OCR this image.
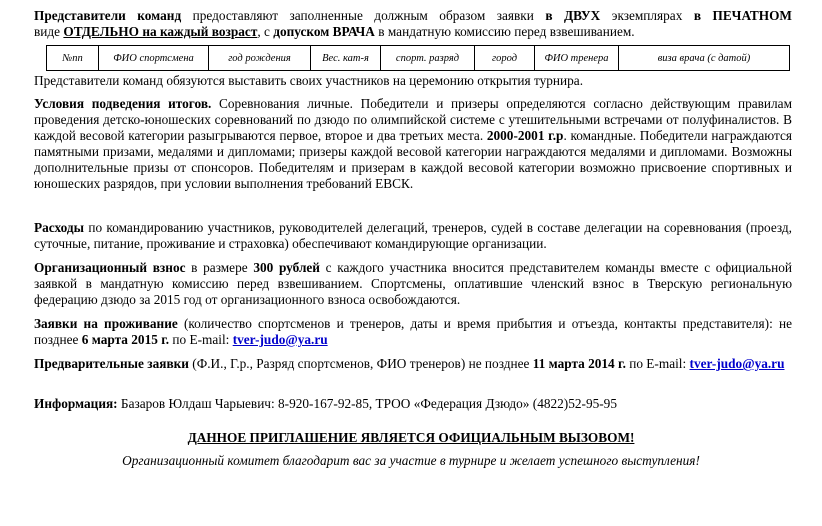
Представители команд предоставляют заполненные должным образом заявки в ДВУХ экземплярах в ПЕЧАТНОМ

виде ОТДЕЛЬНО на каждый возраст, с допуском ВРАЧА в мандатную комиссию перед взвешиванием.

№пп	ФИО спортсмена	год рождения	Вес. кат-я	спорт. разряд	город	ФИО тренера	виза врача (с датой)

Представители команд обязуются выставить своих участников на церемонию открытия турнира.

Условия подведения итогов. Соревнования личные. Победители и призеры определяются согласно действующим правилам проведения детско-юношеских соревнований по дзюдо по олимпийской системе с утешительными встречами от полуфиналистов. В каждой весовой категории разыгрываются первое, второе и два третьих места. 2000-2001 г.р. командные. Победители награждаются памятными призами, медалями и дипломами; призеры каждой весовой категории награждаются медалями и дипломами. Возможны дополнительные призы от спонсоров. Победителям и призерам в каждой весовой категории возможно присвоение спортивных и юношеских разрядов, при условии выполнения требований ЕВСК.

Расходы по командированию участников, руководителей делегаций, тренеров, судей в составе делегации на соревнования (проезд, суточные, питание, проживание и страховка) обеспечивают командирующие организации.

Организационный взнос в размере 300 рублей с каждого участника вносится представителем команды вместе с официальной заявкой в мандатную комиссию перед взвешиванием. Спортсмены, оплатившие членский взнос в Тверскую региональную федерацию дзюдо за 2015 год от организационного взноса освобождаются.

Заявки на проживание (количество спортсменов и тренеров, даты и время прибытия и отъезда, контакты представителя): не позднее 6 марта 2015 г. по E-mail: tver-judo@ya.ru

Предварительные заявки (Ф.И., Г.р., Разряд спортсменов, ФИО тренеров) не позднее 11 марта 2014 г. по E-mail: tver-judo@ya.ru

Информация: Базаров Юлдаш Чарыевич: 8-920-167-92-85, ТРОО «Федерация Дзюдо» (4822)52-95-95

ДАННОЕ ПРИГЛАШЕНИЕ ЯВЛЯЕТСЯ ОФИЦИАЛЬНЫМ ВЫЗОВОМ!
Организационный комитет благодарит вас за участие в турнире и желает успешного выступления!
